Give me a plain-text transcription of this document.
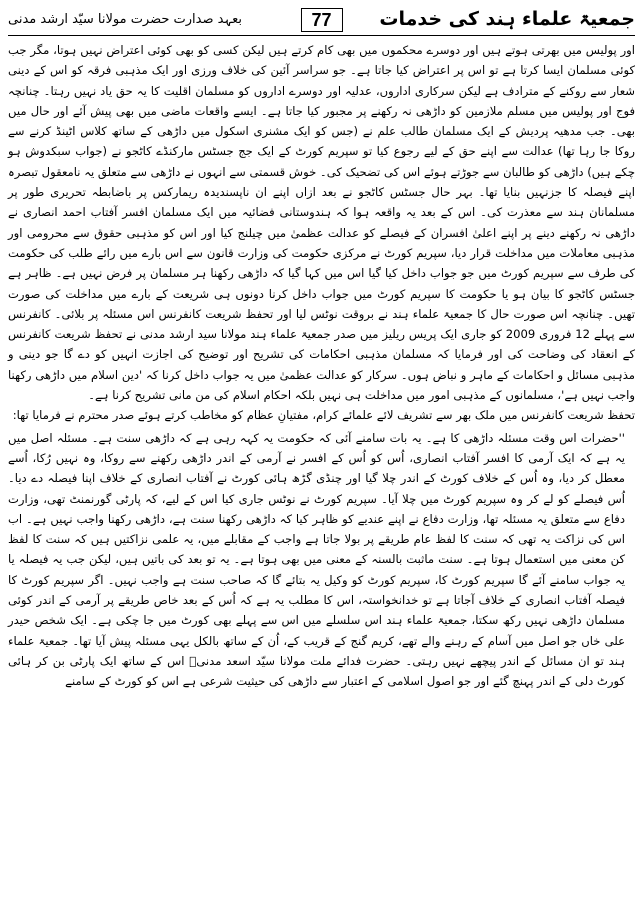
جمعیۃ علماء ہند کی خدمات
بعہد صدارت حضرت مولانا سیّد ارشد مدنی	77

اور پولیس میں بھرتی ہوتے ہیں اور دوسرے محکموں میں بھی کام کرتے ہیں لیکن کسی کو بھی کوئی اعتراض نہیں ہوتا، مگر جب کوئی مسلمان ایسا کرتا ہے تو اس پر اعتراض کیا جاتا ہے۔ جو سراسر آئین کی خلاف ورزی اور ایک مذہبی فرقہ کو اس کے دینی شعار سے روکنے کے مترادف ہے لیکن سرکاری اداروں، عدلیہ اور دوسرے اداروں کو مسلمان اقلیت کا یہ حق یاد نہیں رہتا۔ چنانچہ فوج اور پولیس میں مسلم ملازمین کو داڑھی نہ رکھنے پر مجبور کیا جاتا ہے۔ ایسے واقعات ماضی میں بھی پیش آئے اور حال میں بھی۔ جب مدھیہ پردیش کے ایک مسلمان طالب علم نے (جس کو ایک مشنری اسکول میں داڑھی کے ساتھ کلاس اٹینڈ کرنے سے روکا جا رہا تھا) عدالت سے اپنے حق کے لیے رجوع کیا تو سپریم کورٹ کے ایک جج جسٹس مارکنڈے کاٹجو نے (جواب سبکدوش ہو چکے ہیں) داڑھی کو طالبان سے جوڑتے ہوئے اس کی تضحیک کی۔ خوش قسمتی سے انہوں نے داڑھی سے متعلق یہ نامعقول تبصرہ اپنے فیصلہ کا جزنہیں بنایا تھا۔ بہر حال جسٹس کاٹجو نے بعد ازاں اپنے ان ناپسندیدہ ریمارکس پر باضابطہ تحریری طور پر مسلمانان ہند سے معذرت کی۔ اس کے بعد یہ واقعہ ہوا کہ ہندوستانی فضائیہ میں ایک مسلمان افسر آفتاب احمد انصاری نے داڑھی نہ رکھنے دینے پر اپنے اعلیٰ افسران کے فیصلے کو عدالت عظمیٰ میں چیلنج کیا اور اس کو مذہبی حقوق سے محرومی اور مذہبی معاملات میں مداخلت قرار دیا، سپریم کورٹ نے مرکزی حکومت کی وزارت قانون سے اس بارے میں رائے طلب کی حکومت کی طرف سے سپریم کورٹ میں جو جواب داخل کیا گیا اس میں کہا گیا کہ داڑھی رکھنا ہر مسلمان پر فرض نہیں ہے۔ ظاہر ہے جسٹس کاٹجو کا بیان ہو یا حکومت کا سپریم کورٹ میں جواب داخل کرنا دونوں ہی شریعت کے بارے میں مداخلت کی صورت تھیں۔ چنانچہ اس صورت حال کا جمعیۃ علماء ہند نے بروقت نوٹس لیا اور تحفظ شریعت کانفرنس اس مسئلہ پر بلائی۔ کانفرنس سے پہلے 12 فروری 2009 کو جاری ایک پریس ریلیز میں صدر جمعیۃ علماء ہند مولانا سید ارشد مدنی نے تحفظ شریعت کانفرنس کے انعقاد کی وضاحت کی اور فرمایا کہ مسلمان مذہبی احکامات کی تشریح اور توضیح کی اجازت انہیں کو دے گا جو دینی و مذہبی مسائل و احکامات کے ماہر و نباض ہوں۔ سرکار کو عدالت عظمیٰ میں یہ جواب داخل کرنا کہ 'دین اسلام میں داڑھی رکھنا واجب نہیں ہے'، مسلمانوں کے مذہبی امور میں مداخلت ہی نہیں بلکہ احکام اسلام کی من مانی تشریح کرنا ہے۔

تحفظ شریعت کانفرنس میں ملک بھر سے تشریف لائے علمائے کرام، مفتیانِ عظام کو مخاطب کرتے ہوئے صدر محترم نے فرمایا تھا:

''حضرات اس وقت مسئلہ داڑھی کا ہے۔ یہ بات سامنے آئی کہ حکومت یہ کہہ رہی ہے کہ داڑھی سنت ہے۔ مسئلہ اصل میں یہ ہے کہ ایک آرمی کا افسر آفتاب انصاری، اُس کو اُس کے افسر نے آرمی کے اندر داڑھی رکھنے سے روکا، وہ نہیں رُکا، اُسے معطل کر دیا، وہ اُس کے خلاف کورٹ کے اندر چلا گیا اور چنڈی گڑھ ہائی کورٹ نے آفتاب انصاری کے خلاف اپنا فیصلہ دے دیا۔ اُس فیصلے کو لے کر وہ سپریم کورٹ میں چلا آیا۔ سپریم کورٹ نے نوٹس جاری کیا اس کے لیے، کہ پارٹی گورنمنٹ تھی، وزارت دفاع سے متعلق یہ مسئلہ تھا، وزارت دفاع نے اپنے عندیے کو ظاہر کیا کہ داڑھی رکھنا سنت ہے، داڑھی رکھنا واجب نہیں ہے۔ اب اس کی نزاکت یہ تھی کہ سنت کا لفظ عام طریقے پر بولا جاتا ہے واجب کے مقابلے میں، یہ علمی نزاکتیں ہیں کہ سنت کا لفظ کن معنی میں استعمال ہوتا ہے۔ سنت ماثبت بالسنہ کے معنی میں بھی ہوتا ہے۔ یہ تو بعد کی باتیں ہیں، لیکن جب یہ فیصلہ یا یہ جواب سامنے آئے گا سپریم کورٹ کا، سپریم کورٹ کو وکیل یہ بتائے گا کہ صاحب سنت ہے واجب نہیں۔ اگر سپریم کورٹ کا فیصلہ آفتاب انصاری کے خلاف آجاتا ہے تو خدانخواستہ، اس کا مطلب یہ ہے کہ اُس کے بعد خاص طریقے پر آرمی کے اندر کوئی مسلمان داڑھی نہیں رکھ سکتا، جمعیۃ علماء ہند اس سلسلے میں اس سے پہلے بھی کورٹ میں جا چکی ہے۔ ایک شخص حیدر علی خاں جو اصل میں آسام کے رہنے والے تھے، کریم گنج کے قریب کے، اُن کے ساتھ بالکل یہی مسئلہ پیش آیا تھا۔ جمعیۃ علماء ہند تو ان مسائل کے اندر پیچھے نہیں رہتی۔ حضرت فدائے ملت مولانا سیّد اسعد مدنیؒ اس کے ساتھ ایک پارٹی بن کر ہائی کورٹ دلی کے اندر پہنچ گئے اور جو اصول اسلامی کے اعتبار سے داڑھی کی حیثیت شرعی ہے اس کو کورٹ کے سامنے
